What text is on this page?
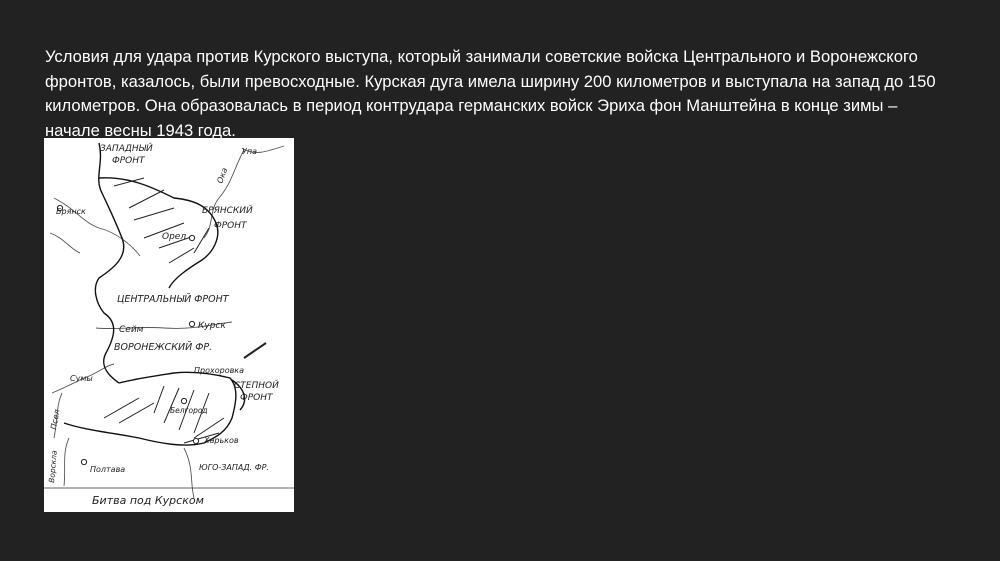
Условия для удара против Курского выступа, который занимали советские войска Центрального и Воронежского фронтов, казалось, были превосходные. Курская дуга имела ширину 200 километров и выступала на запад до 150 километров. Она образовалась в период контрудара германских войск Эриха фон Манштейна в конце зимы – начале весны 1943 года.

ЗАПАДНЫЙ
ФРОНТ
Упа
Ока
Брянск	БРЯНСКИЙ
ФРОНТ
Орел
ЦЕНТРАЛЬНЫЙ ФРОНТ
Курск
Сейм
ВОРОНЕЖСКИЙ ФР.
Прохоровка
СТЕПНОЙ
ФРОНТ
Сумы
Псел	Белгород
Харьков
Ворскла	Полтава	ЮГО-ЗАПАД. ФР.
Битва под Курском
